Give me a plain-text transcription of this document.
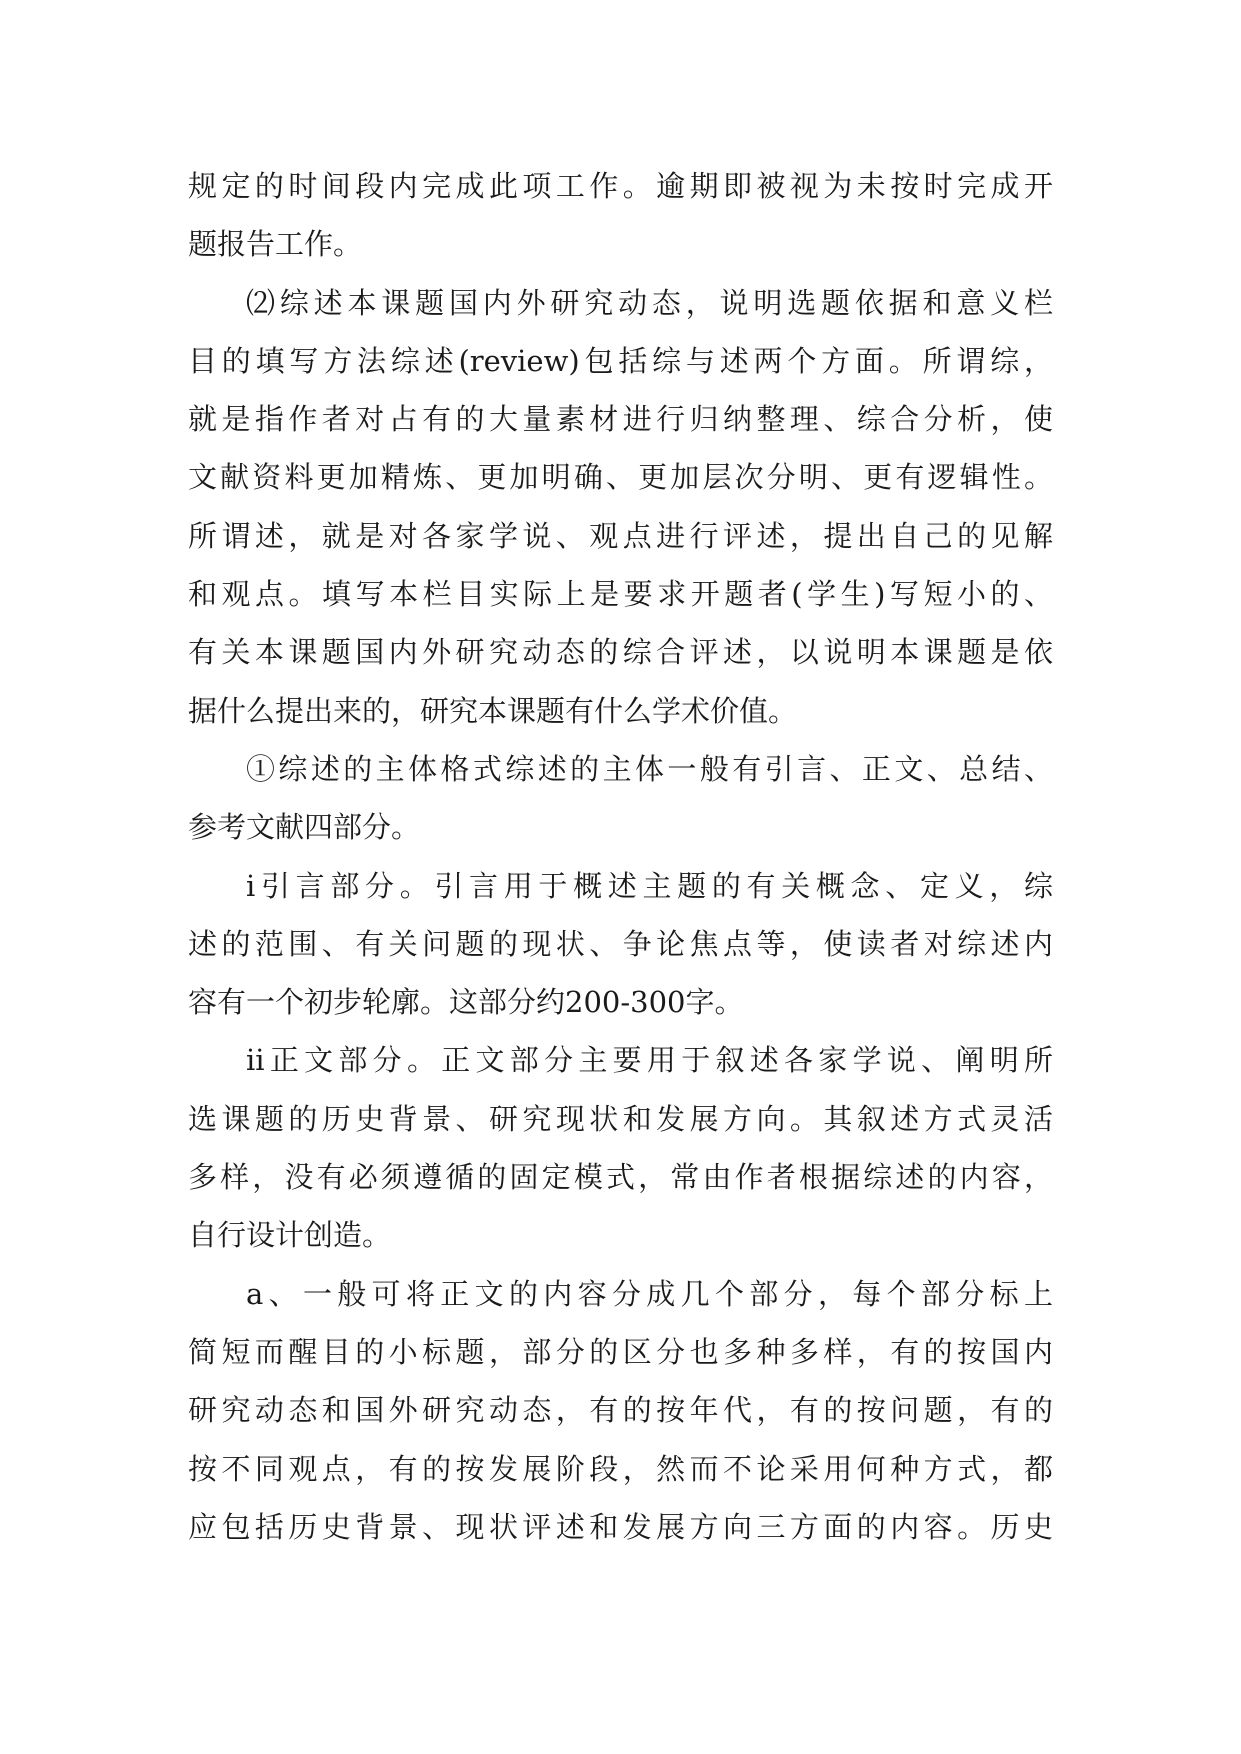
规定的时间段内完成此项工作。逾期即被视为未按时完成开
题报告工作。
⑵综述本课题国内外研究动态，说明选题依据和意义栏
目的填写方法综述(review)包括综与述两个方面。所谓综，
就是指作者对占有的大量素材进行归纳整理、综合分析，使
文献资料更加精炼、更加明确、更加层次分明、更有逻辑性。
所谓述，就是对各家学说、观点进行评述，提出自己的见解
和观点。填写本栏目实际上是要求开题者(学生)写短小的、
有关本课题国内外研究动态的综合评述，以说明本课题是依
据什么提出来的，研究本课题有什么学术价值。
①综述的主体格式综述的主体一般有引言、正文、总结、
参考文献四部分。
ⅰ引言部分。引言用于概述主题的有关概念、定义，综
述的范围、有关问题的现状、争论焦点等，使读者对综述内
容有一个初步轮廓。这部分约200-300字。
ⅱ正文部分。正文部分主要用于叙述各家学说、阐明所
选课题的历史背景、研究现状和发展方向。其叙述方式灵活
多样，没有必须遵循的固定模式，常由作者根据综述的内容，
自行设计创造。
a、一般可将正文的内容分成几个部分，每个部分标上
简短而醒目的小标题，部分的区分也多种多样，有的按国内
研究动态和国外研究动态，有的按年代，有的按问题，有的
按不同观点，有的按发展阶段，然而不论采用何种方式，都
应包括历史背景、现状评述和发展方向三方面的内容。历史
